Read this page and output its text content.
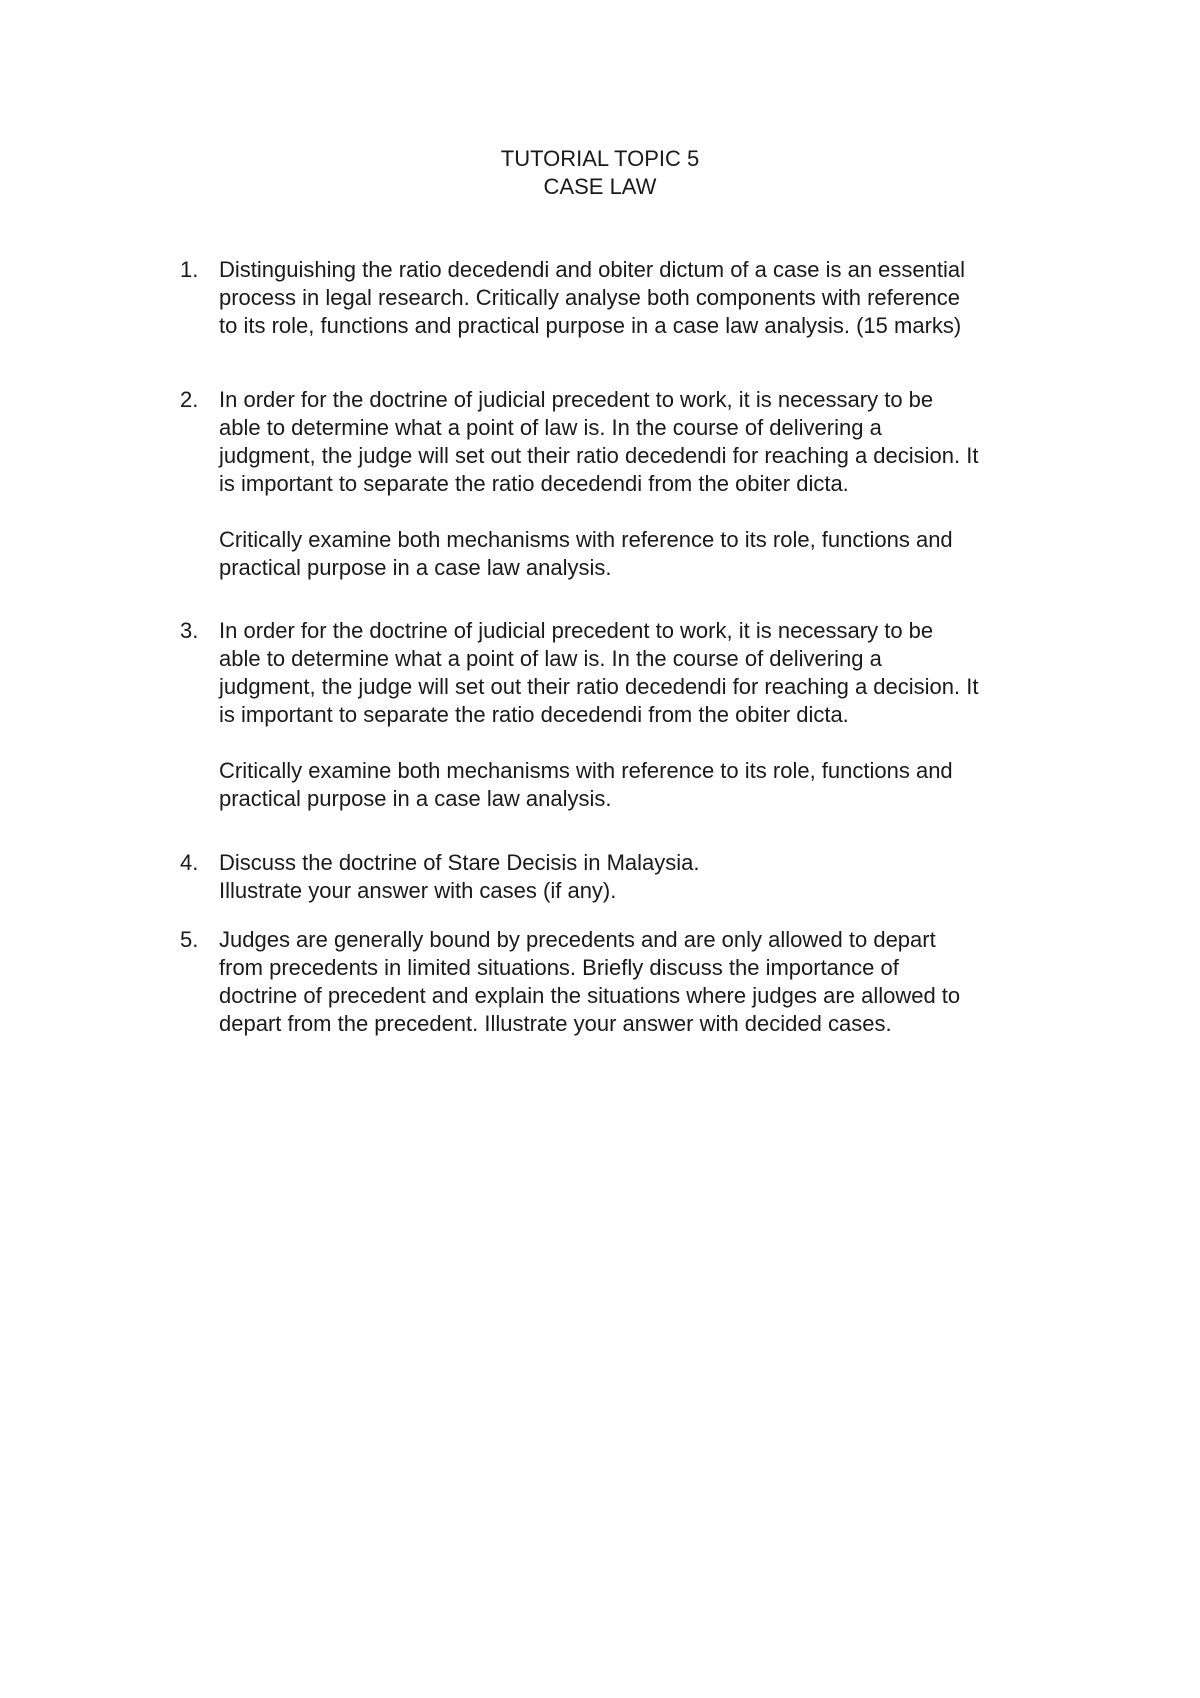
TUTORIAL TOPIC 5
CASE LAW
1. Distinguishing the ratio decedendi and obiter dictum of a case is an essential
process in legal research. Critically analyse both components with reference
to its role, functions and practical purpose in a case law analysis. (15 marks)

2. In order for the doctrine of judicial precedent to work, it is necessary to be
able to determine what a point of law is. In the course of delivering a
judgment, the judge will set out their ratio decedendi for reaching a decision. It
is important to separate the ratio decedendi from the obiter dicta.

Critically examine both mechanisms with reference to its role, functions and
practical purpose in a case law analysis.

3. In order for the doctrine of judicial precedent to work, it is necessary to be
able to determine what a point of law is. In the course of delivering a
judgment, the judge will set out their ratio decedendi for reaching a decision. It
is important to separate the ratio decedendi from the obiter dicta.

Critically examine both mechanisms with reference to its role, functions and
practical purpose in a case law analysis.

4. Discuss the doctrine of Stare Decisis in Malaysia.
Illustrate your answer with cases (if any).

5. Judges are generally bound by precedents and are only allowed to depart
from precedents in limited situations. Briefly discuss the importance of
doctrine of precedent and explain the situations where judges are allowed to
depart from the precedent. Illustrate your answer with decided cases.
